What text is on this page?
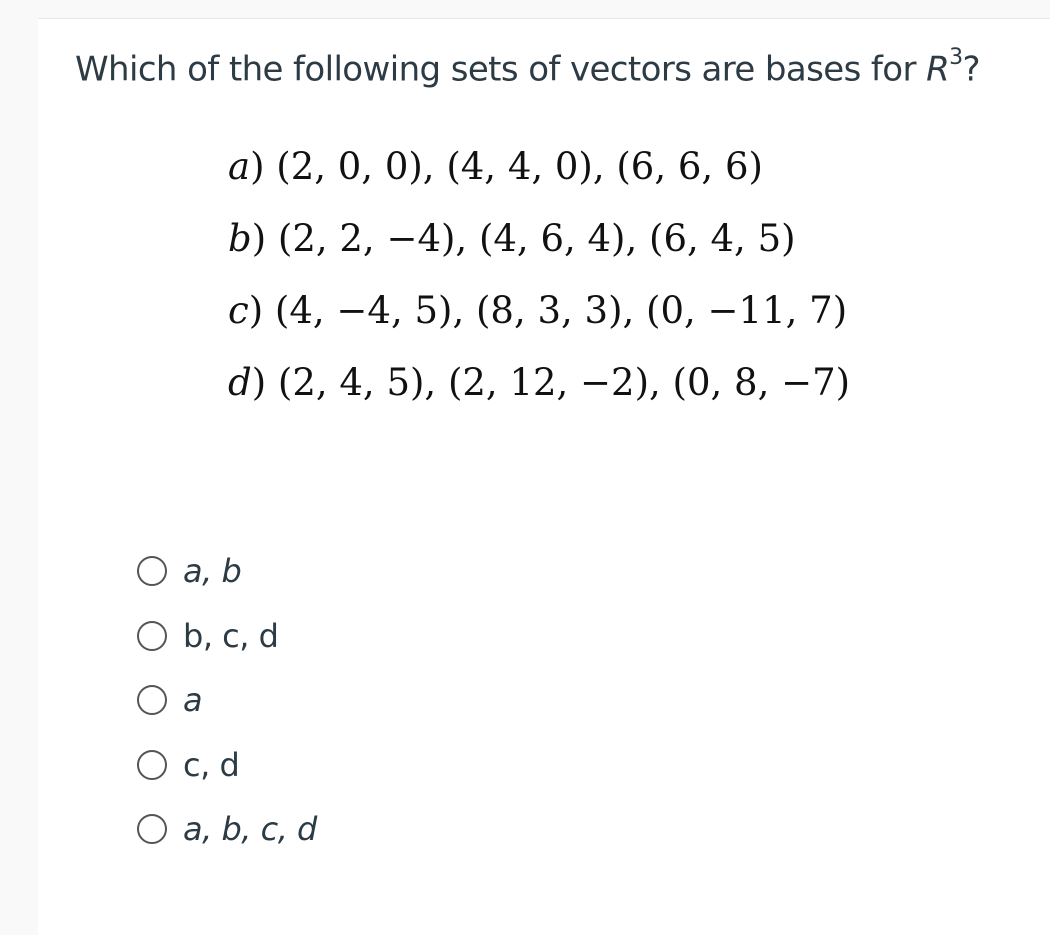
Which of the following sets of vectors are bases for $R^3$?
a) (2, 0, 0), (4, 4, 0), (6, 6, 6)
b) (2, 2, −4), (4, 6, 4), (6, 4, 5)
c) (4, −4, 5), (8, 3, 3), (0, −11, 7)
d) (2, 4, 5), (2, 12, −2), (0, 8, −7)
a, b
b, c, d
a
c, d
a, b, c, d
